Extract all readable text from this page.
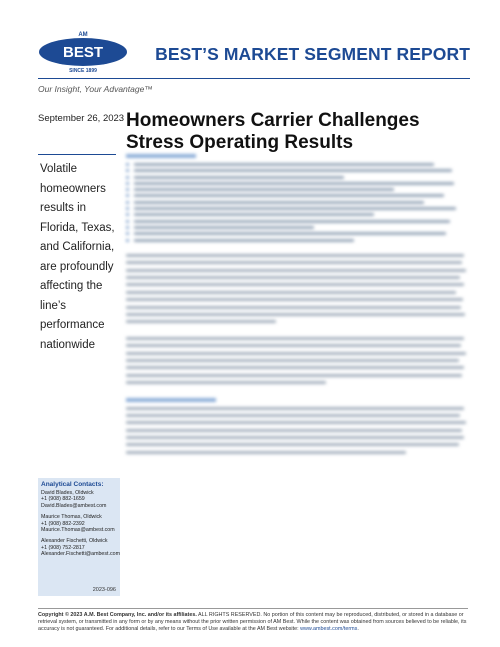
AM
BEST
SINCE 1899
BEST’S MARKET SEGMENT REPORT
Our Insight, Your Advantage™
September 26, 2023 Homeowners Carrier Challenges Stress Operating Results
Volatile homeowners results in Florida, Texas, and California, are profoundly affecting the line’s performance nationwide
Analytical Contacts:
David Blades, Oldwick
+1 (908) 882-1659
David.Blades@ambest.com
Maurice Thomas, Oldwick
+1 (908) 882-2392
Maurice.Thomas@ambest.com
Alexander Fischetti, Oldwick
+1 (908) 752-2817
Alexander.Fischetti@ambest.com
2023-096
Copyright © 2023 A.M. Best Company, Inc. and/or its affiliates. ALL RIGHTS RESERVED. No portion of this content may be reproduced, distributed, or stored in a database or retrieval system, or transmitted in any form or by any means without the prior written permission of AM Best. While the content was obtained from sources believed to be reliable, its accuracy is not guaranteed. For additional details, refer to our Terms of Use available at the AM Best website: www.ambest.com/terms.
